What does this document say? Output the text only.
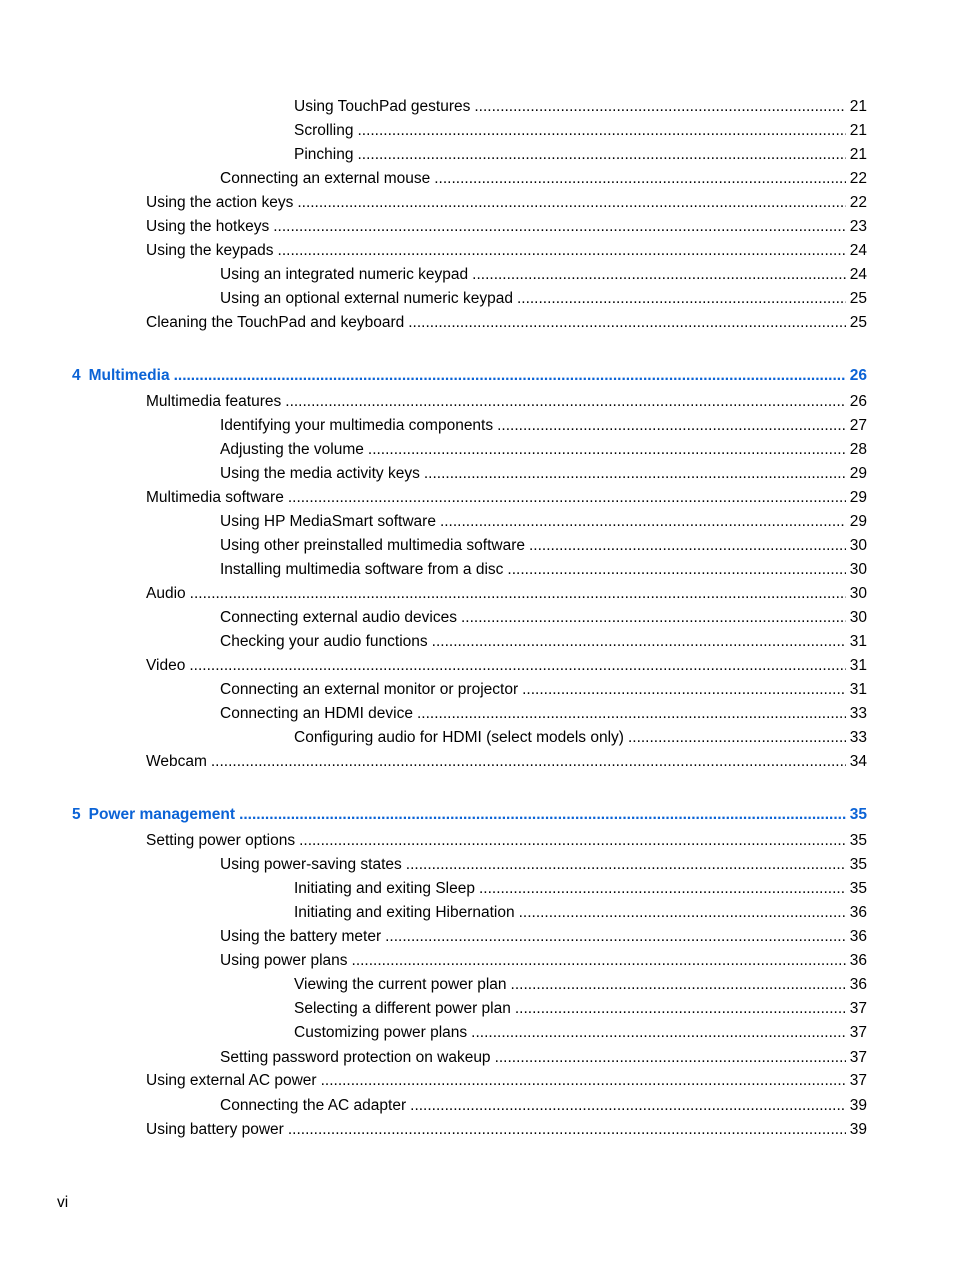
Using TouchPad gestures .....	21
Scrolling .....	21
Pinching .....	21
Connecting an external mouse .....	22
Using the action keys .....	22
Using the hotkeys .....	23
Using the keypads .....	24
Using an integrated numeric keypad .....	24
Using an optional external numeric keypad .....	25
Cleaning the TouchPad and keyboard .....	25
4 Multimedia .....	26
Multimedia features .....	26
Identifying your multimedia components .....	27
Adjusting the volume .....	28
Using the media activity keys .....	29
Multimedia software .....	29
Using HP MediaSmart software .....	29
Using other preinstalled multimedia software .....	30
Installing multimedia software from a disc .....	30
Audio .....	30
Connecting external audio devices .....	30
Checking your audio functions .....	31
Video .....	31
Connecting an external monitor or projector .....	31
Connecting an HDMI device .....	33
Configuring audio for HDMI (select models only) .....	33
Webcam .....	34
5 Power management .....	35
Setting power options .....	35
Using power-saving states .....	35
Initiating and exiting Sleep .....	35
Initiating and exiting Hibernation .....	36
Using the battery meter .....	36
Using power plans .....	36
Viewing the current power plan .....	36
Selecting a different power plan .....	37
Customizing power plans .....	37
Setting password protection on wakeup .....	37
Using external AC power .....	37
Connecting the AC adapter .....	39
Using battery power .....	39
vi
